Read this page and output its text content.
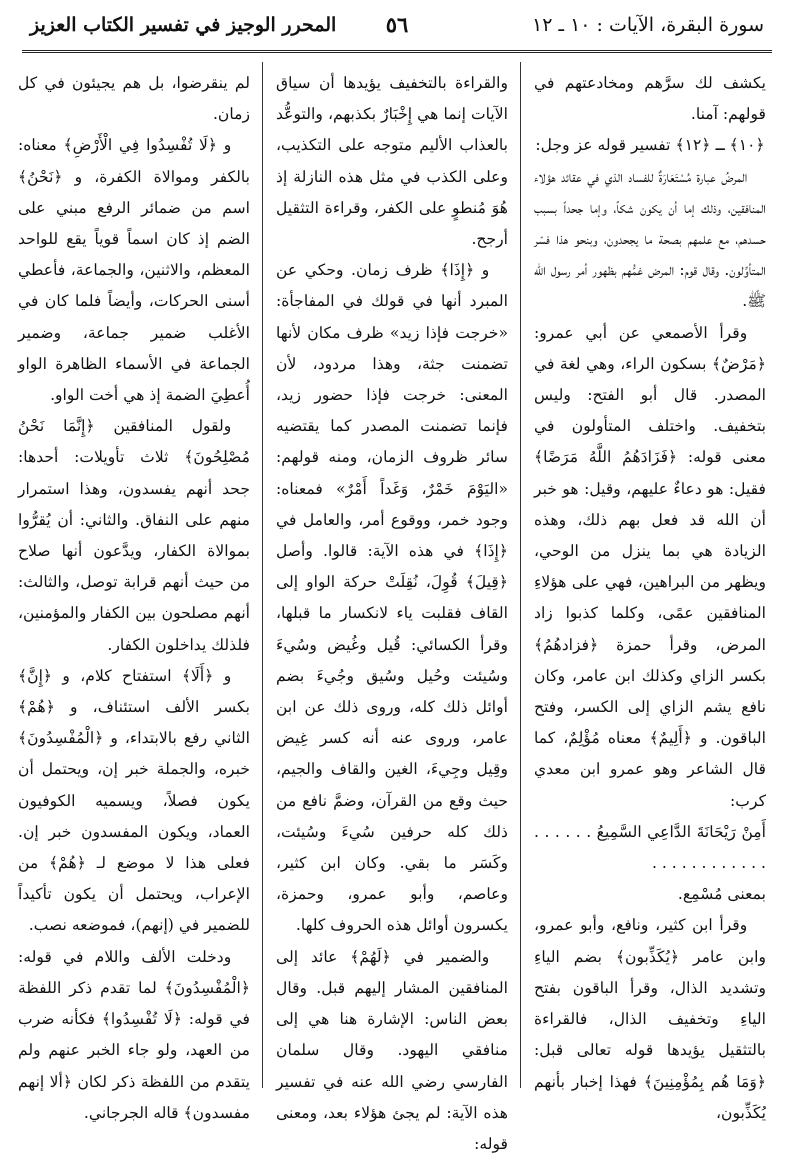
سورة البقرة، الآيات : ١٠ ـ ١٢
٥٦
المحرر الوجيز في تفسير الكتاب العزيز

يكشف لك سرَّهم ومخادعتهم في قولهم: آمنا.

﴿١٠﴾ ـ ﴿١٢﴾ تفسير قوله عز وجل:

المرضُ عبارة مُسْتَعَارَةٌ للفساد الذي في عقائد هؤلاء المنافقين، وذلك إما أن يكون شكاً، وإما جحداً بسبب حسدهم، مع علمهم بصحة ما يجحدون، وبنحو هذا فسّر المتأوِّلون. وقال قوم: المرض غمُّهم بظهور أمر رسول الله ﷺ.

وقرأ الأصمعي عن أبي عمرو: ﴿مَرْضٌ﴾ بسكون الراء، وهي لغة في المصدر. قال أبو الفتح: وليس بتخفيف. واختلف المتأولون في معنى قوله: ﴿فَزَادَهُمُ اللَّهُ مَرَضًا﴾ فقيل: هو دعاءٌ عليهم، وقيل: هو خبر أن الله قد فعل بهم ذلك، وهذه الزيادة هي بما ينزل من الوحي، ويظهر من البراهين، فهي على هؤلاءِ المنافقين عمًى، وكلما كذبوا زاد المرض، وقرأ حمزة ﴿فزادهُمُ﴾ بكسر الزاي وكذلك ابن عامر، وكان نافع يشم الزاي إلى الكسر، وفتح الباقون. و ﴿أَلِيمٌ﴾ معناه مُؤْلِمٌ، كما قال الشاعر وهو عمرو ابن معدي كرب:

أَمِنْ رَيْحَانَةَ الدَّاعِي السَّمِيعُ . . . . . . . . . . . . . . . . . .

بمعنى مُسْمِع.

وقرأ ابن كثير، ونافع، وأبو عمرو، وابن عامر ﴿يُكَذِّبون﴾ بضم الياءِ وتشديد الذال، وقرأ الباقون بفتح الياءِ وتخفيف الذال، فالقراءة بالتثقيل يؤيدها قوله تعالى قبل: ﴿وَمَا هُم بِمُؤْمِنِينَ﴾ فهذا إخبار بأنهم يُكَذِّبون،

والقراءة بالتخفيف يؤيدها أن سياق الآيات إنما هي إِخْبَارٌ بكذبهم، والتوعُّد بالعذاب الأليم متوجه على التكذيب، وعلى الكذب في مثل هذه النازلة إذ هُوَ مُنطوٍ على الكفر، وقراءة التثقيل أرجح.

و ﴿إِذَا﴾ ظرف زمان. وحكي عن المبرد أنها في قولك في المفاجأة: «خرجت فإذا زيد» ظرف مكان لأنها تضمنت جثة، وهذا مردود، لأن المعنى: خرجت فإذا حضور زيد، فإنما تضمنت المصدر كما يقتضيه سائر ظروف الزمان، ومنه قولهم: «اليَوْمَ خَمْرٌ، وَغَداً أَمْرٌ» فمعناه: وجود خمر، ووقوع أمر، والعامل في ﴿إِذَا﴾ في هذه الآية: قالوا. وأصل ﴿قِيلَ﴾ قُوِلَ، نُقِلَتْ حركة الواو إلى القاف فقلبت ياء لانكسار ما قبلها، وقرأ الكسائي: قُيل وغُيض وسُيءَ وسُيئت وحُيل وسُيق وجُيءَ بضم أوائل ذلك كله، وروى ذلك عن ابن عامر، وروى عنه أنه كسر غِيض وقِيل وجِيءَ، الغين والقاف والجيم، حيث وقع من القرآن، وضمَّ نافع من ذلك كله حرفين سُيءَ وسُيئت، وكَسَر ما بقي. وكان ابن كثير، وعاصم، وأبو عمرو، وحمزة، يكسرون أوائل هذه الحروف كلها.

والضمير في ﴿لَهُمْ﴾ عائد إلى المنافقين المشار إليهم قبل. وقال بعض الناس: الإشارة هنا هي إلى منافقي اليهود. وقال سلمان الفارسي رضي الله عنه في تفسير هذه الآية: لم يجئ هؤلاء بعد، ومعنى قوله:

لم ينقرضوا، بل هم يجيئون في كل زمان.

و ﴿لَا تُفْسِدُوا فِي الْأَرْضِ﴾ معناه: بالكفر وموالاة الكفرة، و ﴿نَحْنُ﴾ اسم من ضمائر الرفع مبني على الضم إذ كان اسماً قوياً يقع للواحد المعظم، والاثنين، والجماعة، فأعطي أسنى الحركات، وأيضاً فلما كان في الأغلب ضمير جماعة، وضمير الجماعة في الأسماء الظاهرة الواو أُعطِيَ الضمة إذ هي أخت الواو.

ولقول المنافقين ﴿إِنَّمَا نَحْنُ مُصْلِحُونَ﴾ ثلاث تأويلات: أحدها: جحد أنهم يفسدون، وهذا استمرار منهم على النفاق. والثاني: أن يُقرُّوا بموالاة الكفار، ويدَّعون أنها صلاح من حيث أنهم قرابة توصل، والثالث: أنهم مصلحون بين الكفار والمؤمنين، فلذلك يداخلون الكفار.

و ﴿أَلَا﴾ استفتاح كلام، و ﴿إِنَّ﴾ بكسر الألف استئناف، و ﴿هُمْ﴾ الثاني رفع بالابتداء، و ﴿الْمُفْسِدُونَ﴾ خبره، والجملة خبر إن، ويحتمل أن يكون فصلاً، ويسميه الكوفيون العماد، ويكون المفسدون خبر إن. فعلى هذا لا موضع لـ ﴿هُمْ﴾ من الإعراب، ويحتمل أن يكون تأكيداً للضمير في (إنهم)، فموضعه نصب.

ودخلت الألف واللام في قوله: ﴿الْمُفْسِدُونَ﴾ لما تقدم ذكر اللفظة في قوله: ﴿لَا تُفْسِدُوا﴾ فكأنه ضرب من العهد، ولو جاء الخبر عنهم ولم يتقدم من اللفظة ذكر لكان ﴿ألا إنهم مفسدون﴾ قاله الجرجاني.
